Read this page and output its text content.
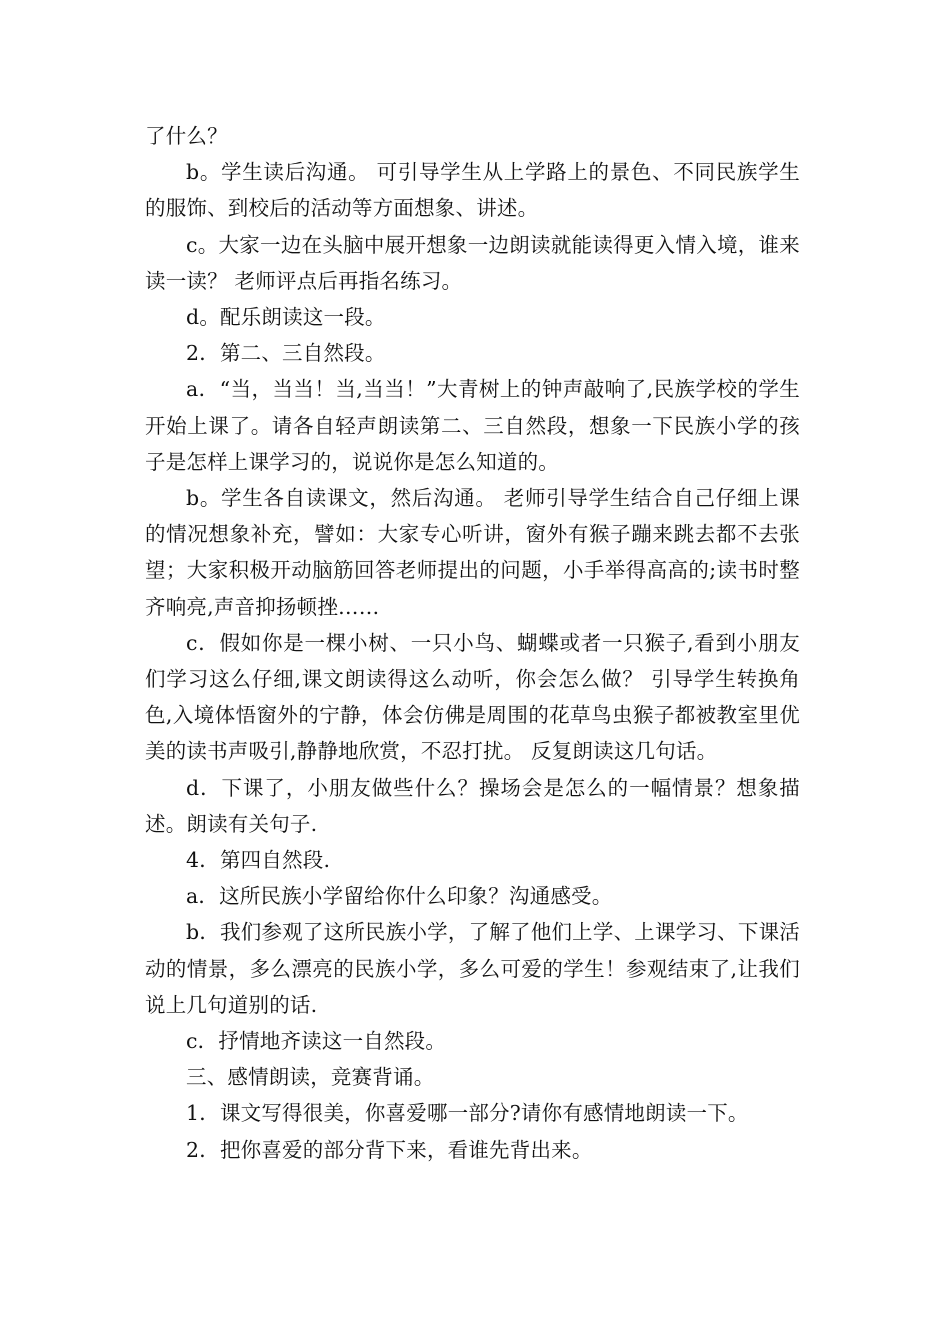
了什么？

b。学生读后沟通。 可引导学生从上学路上的景色、不同民族学生的服饰、到校后的活动等方面想象、讲述。

c。大家一边在头脑中展开想象一边朗读就能读得更入情入境，谁来读一读？ 老师评点后再指名练习。

d。配乐朗读这一段。

2．第二、三自然段。

a．“当，当当！当,当当！”大青树上的钟声敲响了,民族学校的学生开始上课了。请各自轻声朗读第二、三自然段，想象一下民族小学的孩子是怎样上课学习的，说说你是怎么知道的。

b。学生各自读课文，然后沟通。 老师引导学生结合自己仔细上课的情况想象补充，譬如：大家专心听讲，窗外有猴子蹦来跳去都不去张望；大家积极开动脑筋回答老师提出的问题，小手举得高高的;读书时整齐响亮,声音抑扬顿挫……

c．假如你是一棵小树、一只小鸟、蝴蝶或者一只猴子,看到小朋友们学习这么仔细,课文朗读得这么动听，你会怎么做？ 引导学生转换角色,入境体悟窗外的宁静，体会仿佛是周围的花草鸟虫猴子都被教室里优美的读书声吸引,静静地欣赏，不忍打扰。 反复朗读这几句话。

d．下课了，小朋友做些什么？操场会是怎么的一幅情景？想象描述。朗读有关句子.

4．第四自然段.

a．这所民族小学留给你什么印象？沟通感受。

b．我们参观了这所民族小学，了解了他们上学、上课学习、下课活动的情景，多么漂亮的民族小学，多么可爱的学生！参观结束了,让我们说上几句道别的话.

c．抒情地齐读这一自然段。

三、感情朗读，竞赛背诵。

1．课文写得很美，你喜爱哪一部分?请你有感情地朗读一下。

2．把你喜爱的部分背下来，看谁先背出来。
